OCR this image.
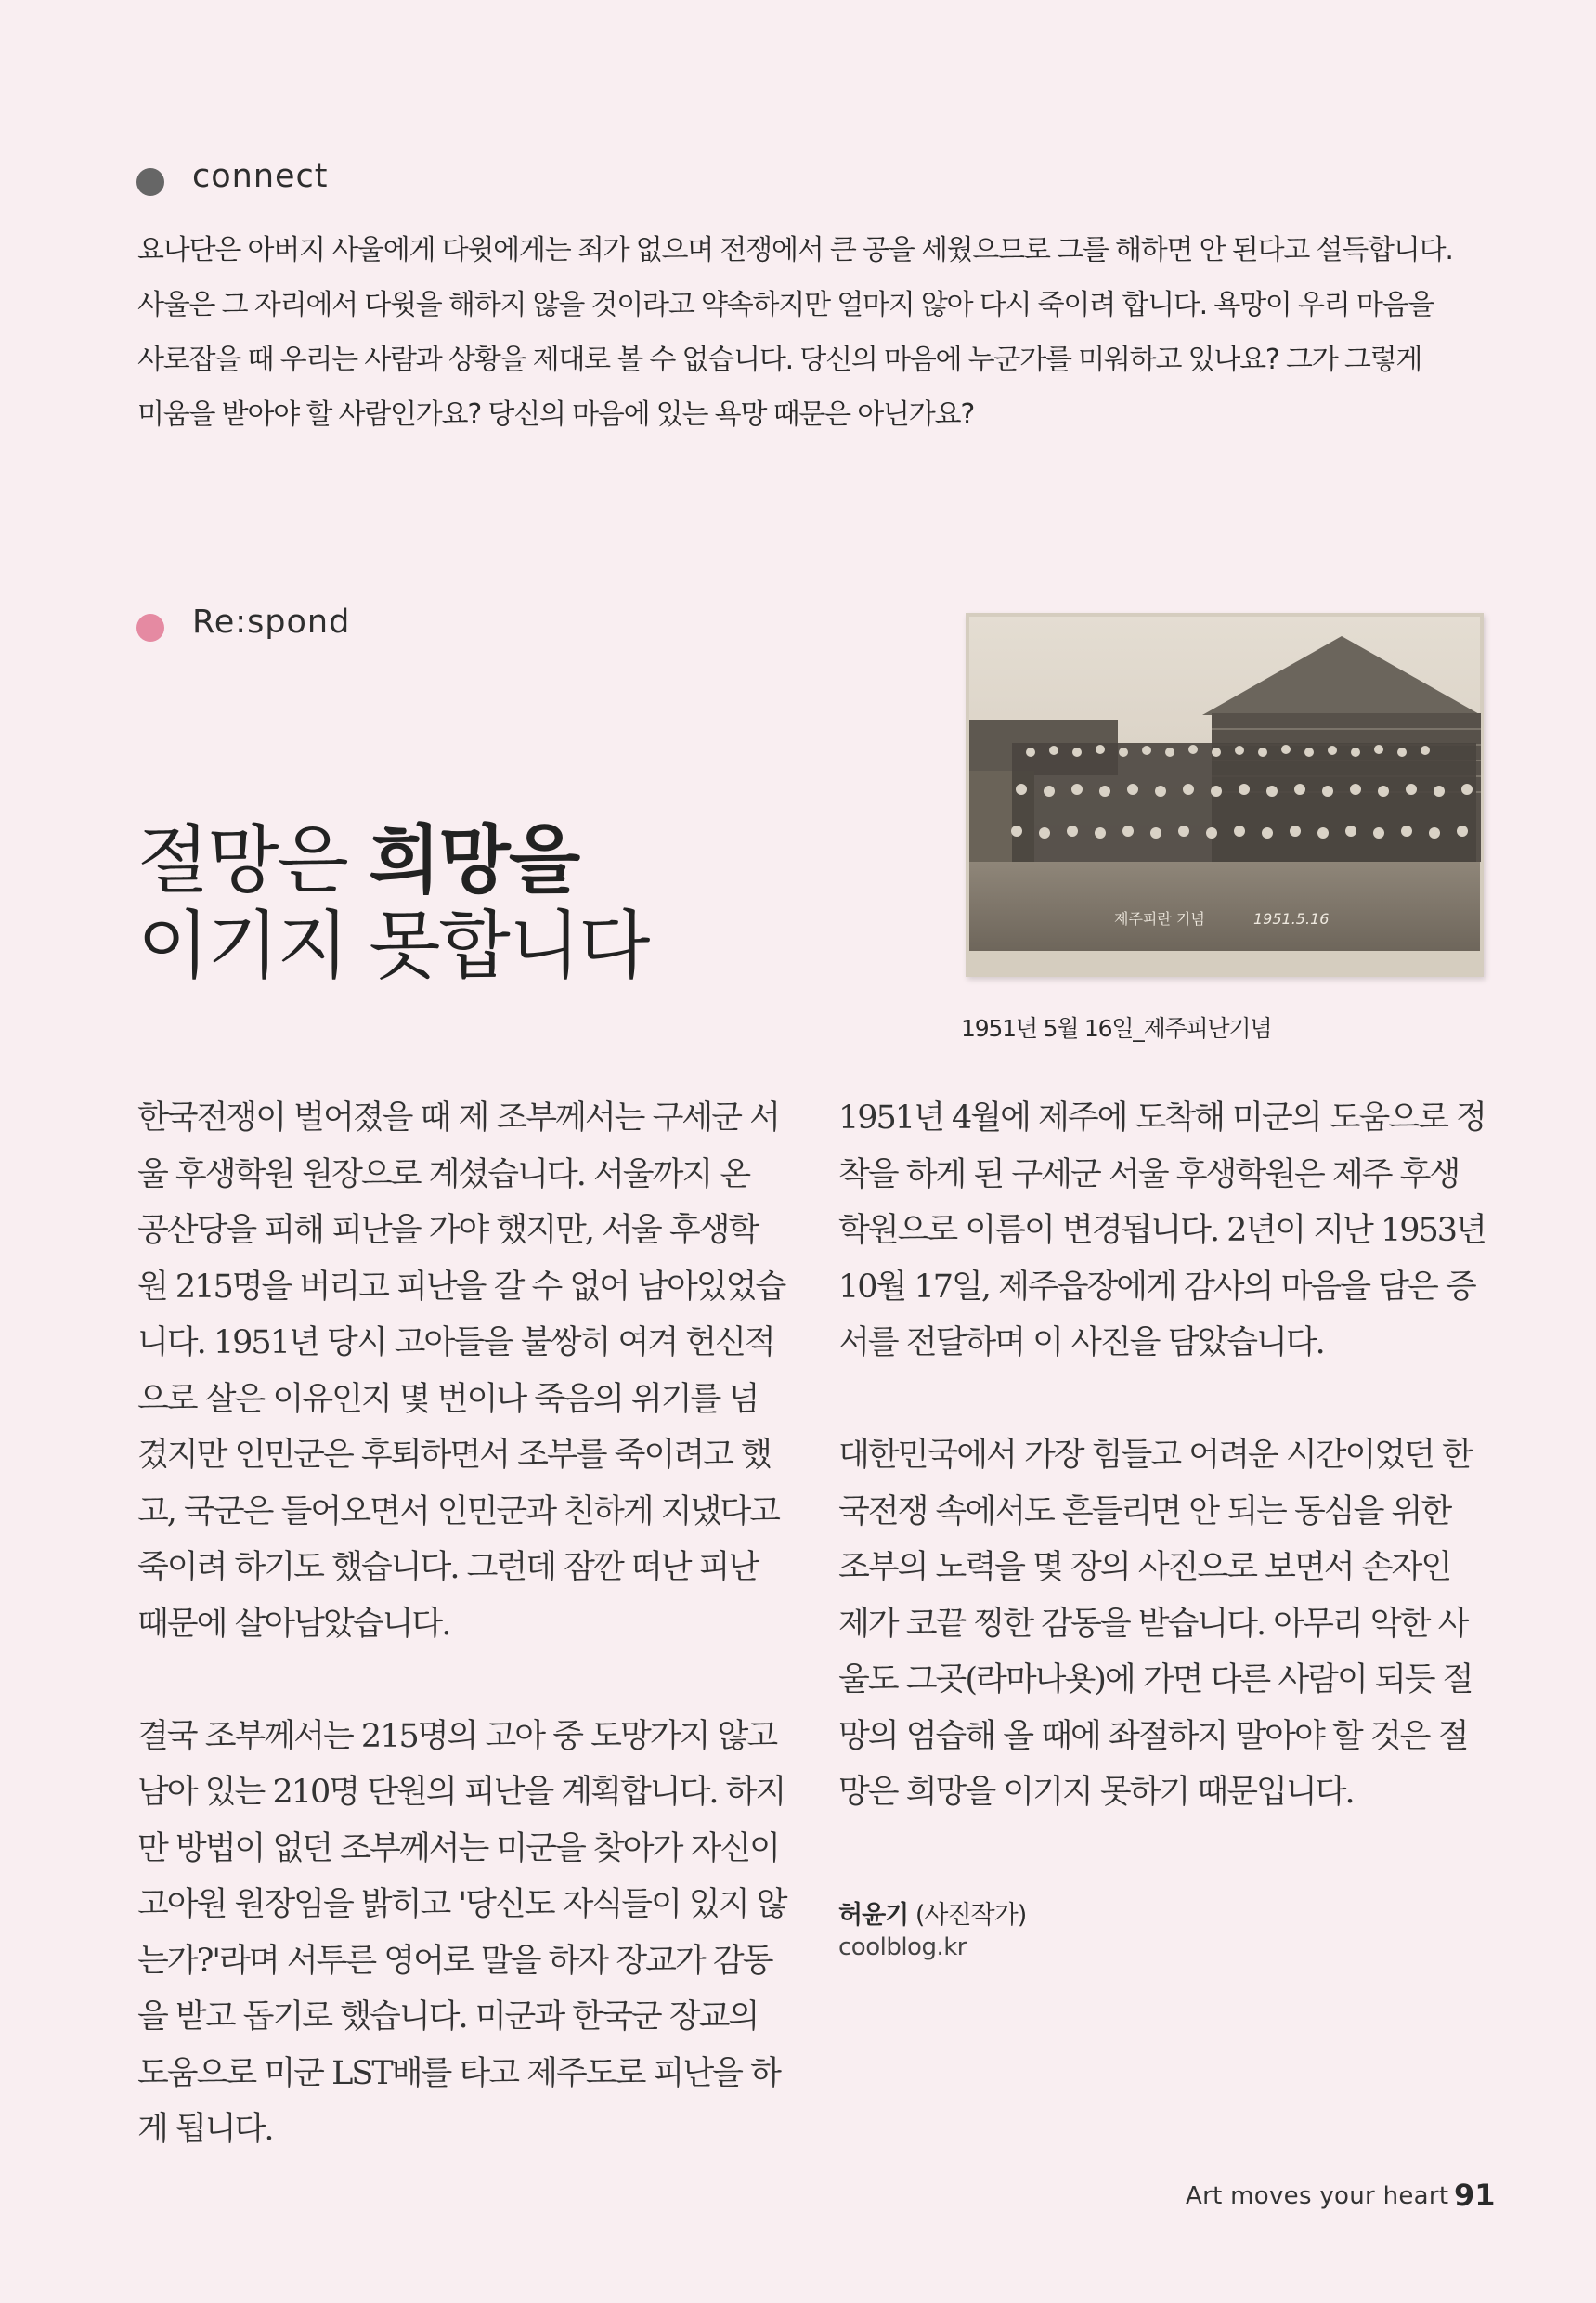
connect

요나단은 아버지 사울에게 다윗에게는 죄가 없으며 전쟁에서 큰 공을 세웠으므로 그를 해하면 안 된다고 설득합니다.

사울은 그 자리에서 다윗을 해하지 않을 것이라고 약속하지만 얼마지 않아 다시 죽이려 합니다. 욕망이 우리 마음을

사로잡을 때 우리는 사람과 상황을 제대로 볼 수 없습니다. 당신의 마음에 누군가를 미워하고 있나요? 그가 그렇게

미움을 받아야 할 사람인가요? 당신의 마음에 있는 욕망 때문은 아닌가요?

Re:spond
절망은 희망을
이기지 못합니다	제주피란 기념	1951.5.16
1951년 5월 16일_제주피난기념

한국전쟁이 벌어졌을 때 제 조부께서는 구세군 서

울 후생학원 원장으로 계셨습니다. 서울까지 온

공산당을 피해 피난을 가야 했지만, 서울 후생학

원 215명을 버리고 피난을 갈 수 없어 남아있었습

니다. 1951년 당시 고아들을 불쌍히 여겨 헌신적

으로 살은 이유인지 몇 번이나 죽음의 위기를 넘

겼지만 인민군은 후퇴하면서 조부를 죽이려고 했

고, 국군은 들어오면서 인민군과 친하게 지냈다고

죽이려 하기도 했습니다. 그런데 잠깐 떠난 피난

때문에 살아남았습니다.

결국 조부께서는 215명의 고아 중 도망가지 않고

남아 있는 210명 단원의 피난을 계획합니다. 하지

만 방법이 없던 조부께서는 미군을 찾아가 자신이

고아원 원장임을 밝히고 '당신도 자식들이 있지 않

는가?'라며 서투른 영어로 말을 하자 장교가 감동

을 받고 돕기로 했습니다. 미군과 한국군 장교의

도움으로 미군 LST배를 타고 제주도로 피난을 하

게 됩니다.

1951년 4월에 제주에 도착해 미군의 도움으로 정

착을 하게 된 구세군 서울 후생학원은 제주 후생

학원으로 이름이 변경됩니다. 2년이 지난 1953년

10월 17일, 제주읍장에게 감사의 마음을 담은 증

서를 전달하며 이 사진을 담았습니다.

대한민국에서 가장 힘들고 어려운 시간이었던 한

국전쟁 속에서도 흔들리면 안 되는 동심을 위한

조부의 노력을 몇 장의 사진으로 보면서 손자인

제가 코끝 찡한 감동을 받습니다. 아무리 악한 사

울도 그곳(라마나욧)에 가면 다른 사람이 되듯 절

망의 엄습해 올 때에 좌절하지 말아야 할 것은 절

망은 희망을 이기지 못하기 때문입니다.

허윤기 (사진작가)
coolblog.kr
Art moves your heart 91
